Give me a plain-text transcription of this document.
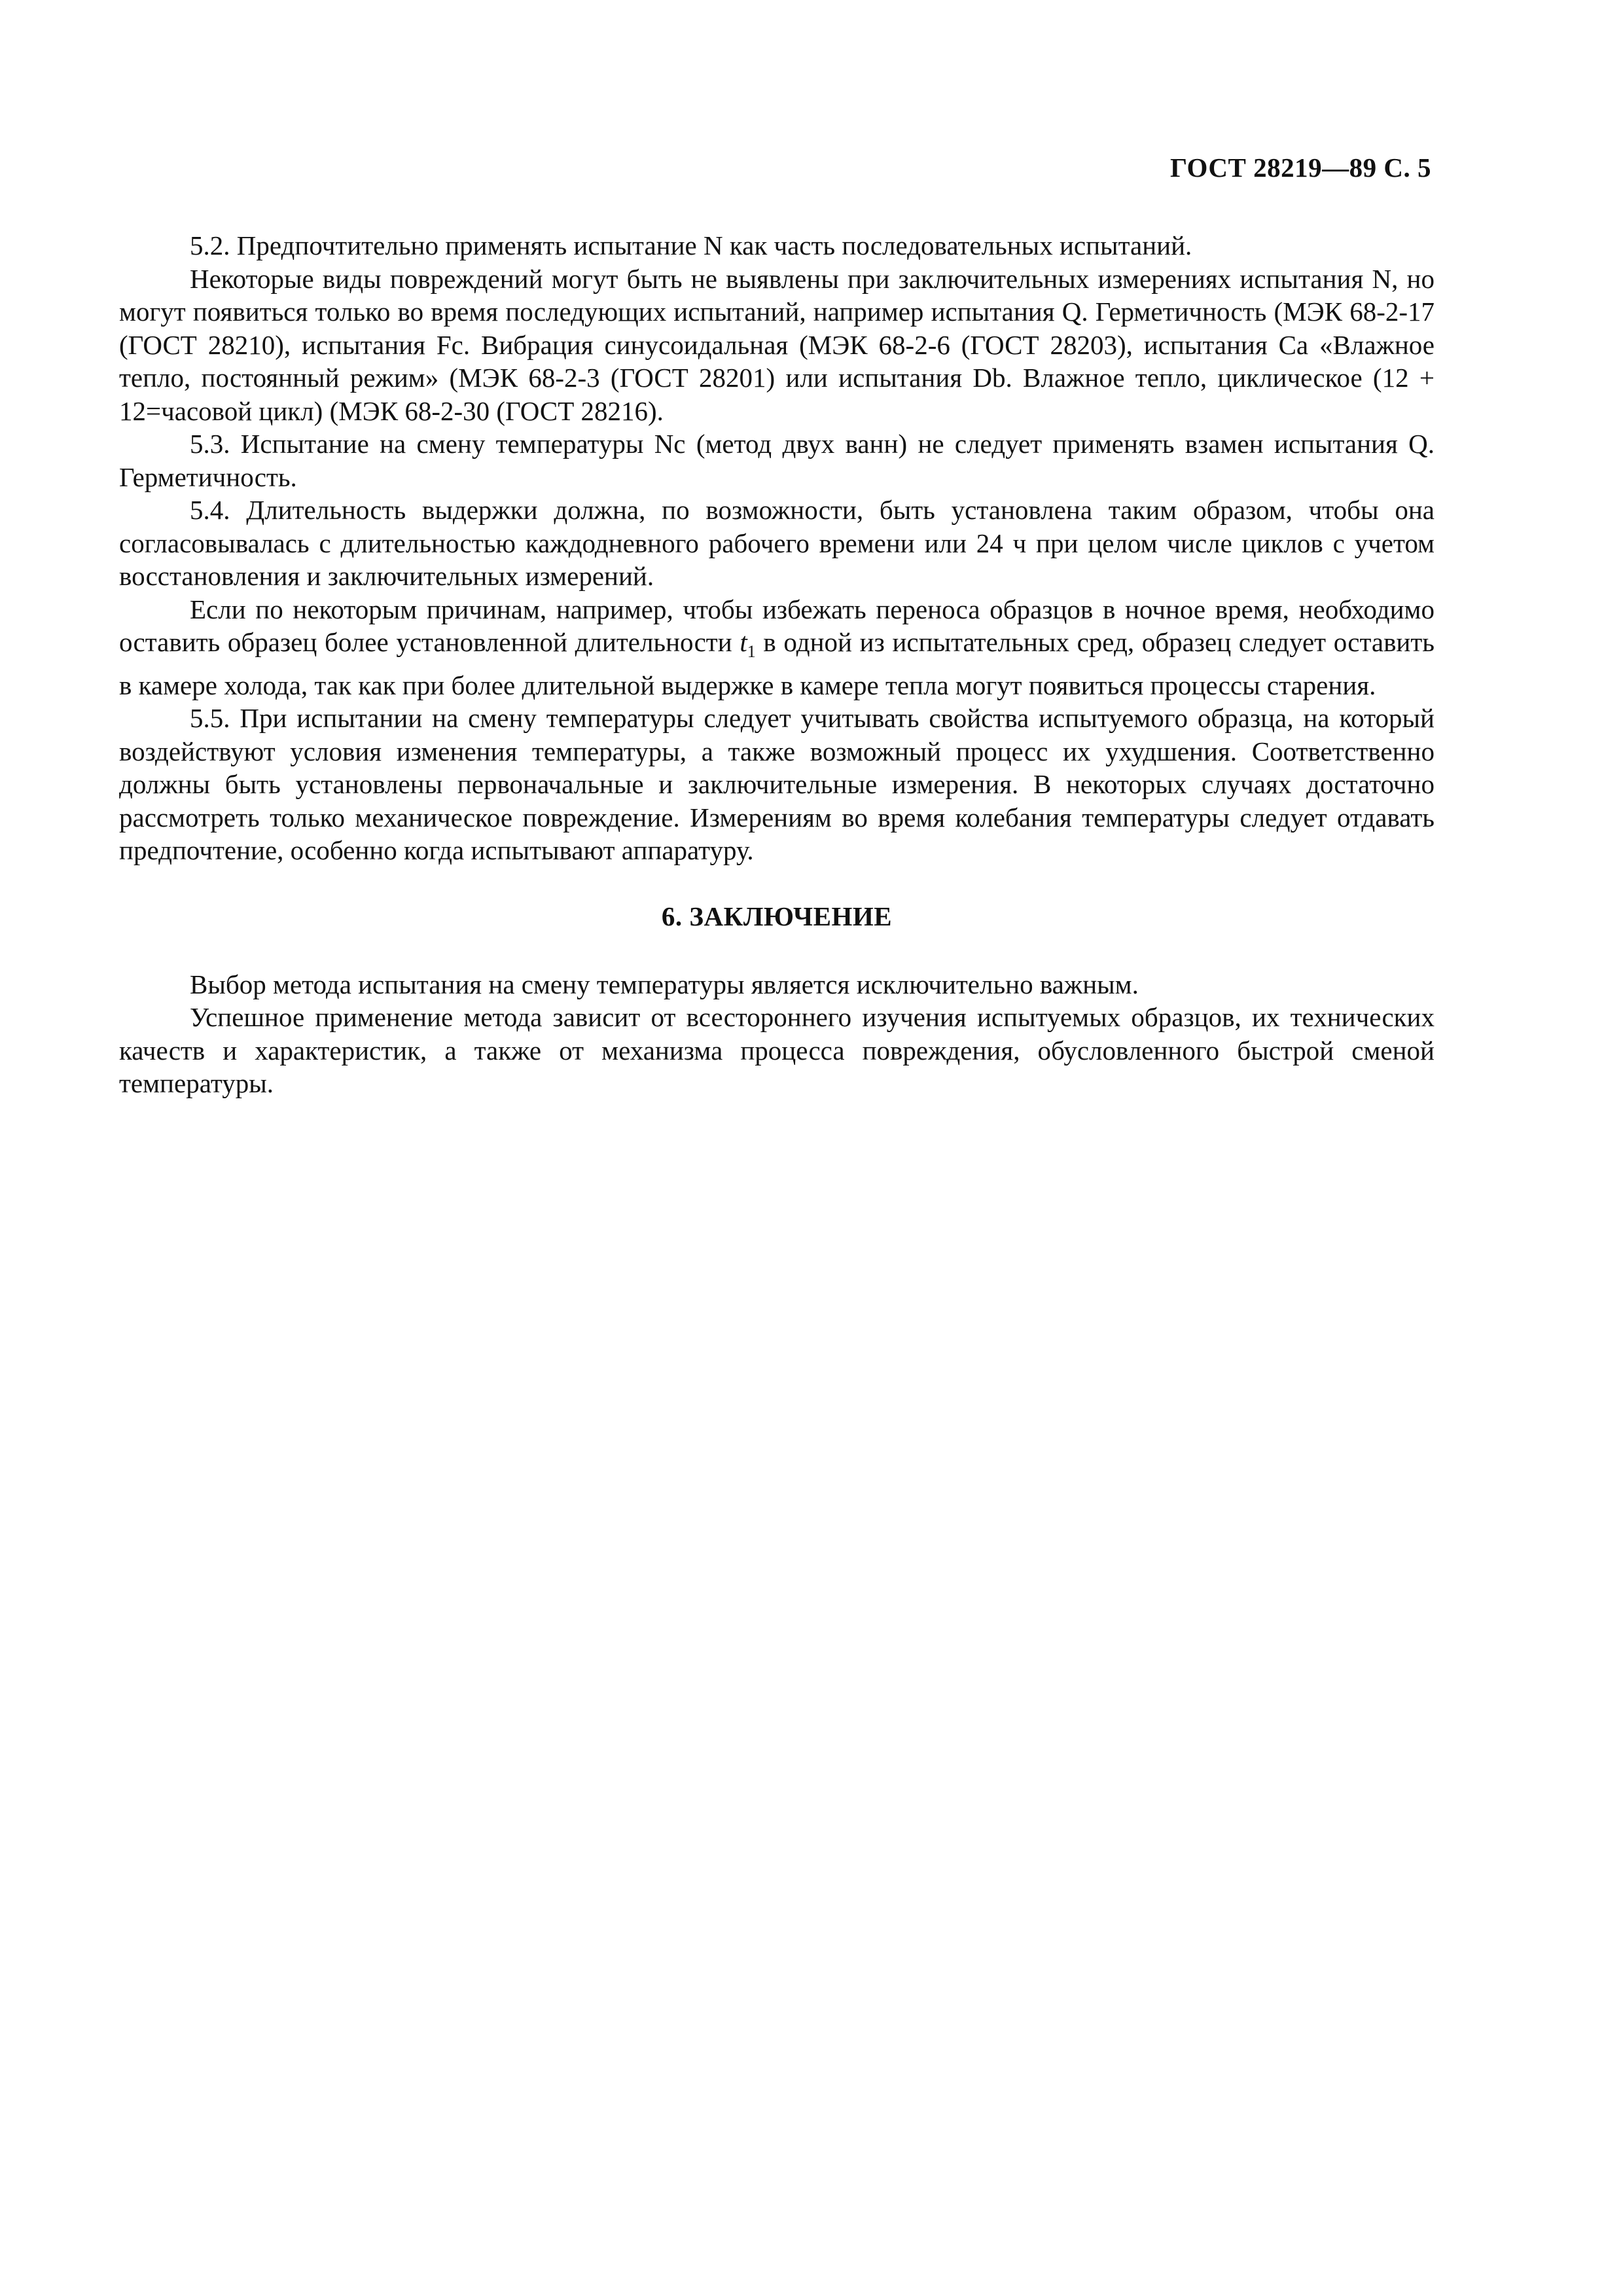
ГОСТ 28219—89 С. 5

5.2. Предпочтительно применять испытание N как часть последовательных испытаний.

Некоторые виды повреждений могут быть не выявлены при заключительных измерениях испытания N, но могут появиться только во время последующих испытаний, например испытания Q. Герметичность (МЭК 68-2-17 (ГОСТ 28210), испытания Fc. Вибрация синусоидальная (МЭК 68-2-6 (ГОСТ 28203), испытания Са «Влажное тепло, постоянный режим» (МЭК 68-2-3 (ГОСТ 28201) или испытания Db. Влажное тепло, циклическое (12 + 12=часовой цикл) (МЭК 68-2-30 (ГОСТ 28216).

5.3. Испытание на смену температуры Nc (метод двух ванн) не следует применять взамен испытания Q. Герметичность.

5.4. Длительность выдержки должна, по возможности, быть установлена таким образом, чтобы она согласовывалась с длительностью каждодневного рабочего времени или 24 ч при целом числе циклов с учетом восстановления и заключительных измерений.

Если по некоторым причинам, например, чтобы избежать переноса образцов в ночное время, необходимо оставить образец более установленной длительности $t_1$ в одной из испытательных сред, образец следует оставить в камере холода, так как при более длительной выдержке в камере тепла могут появиться процессы старения.

5.5. При испытании на смену температуры следует учитывать свойства испытуемого образца, на который воздействуют условия изменения температуры, а также возможный процесс их ухудшения. Соответственно должны быть установлены первоначальные и заключительные измерения. В некоторых случаях достаточно рассмотреть только механическое повреждение. Измерениям во время колебания температуры следует отдавать предпочтение, особенно когда испытывают аппаратуру.

6. ЗАКЛЮЧЕНИЕ

Выбор метода испытания на смену температуры является исключительно важным.

Успешное применение метода зависит от всестороннего изучения испытуемых образцов, их технических качеств и характеристик, а также от механизма процесса повреждения, обусловленного быстрой сменой температуры.
